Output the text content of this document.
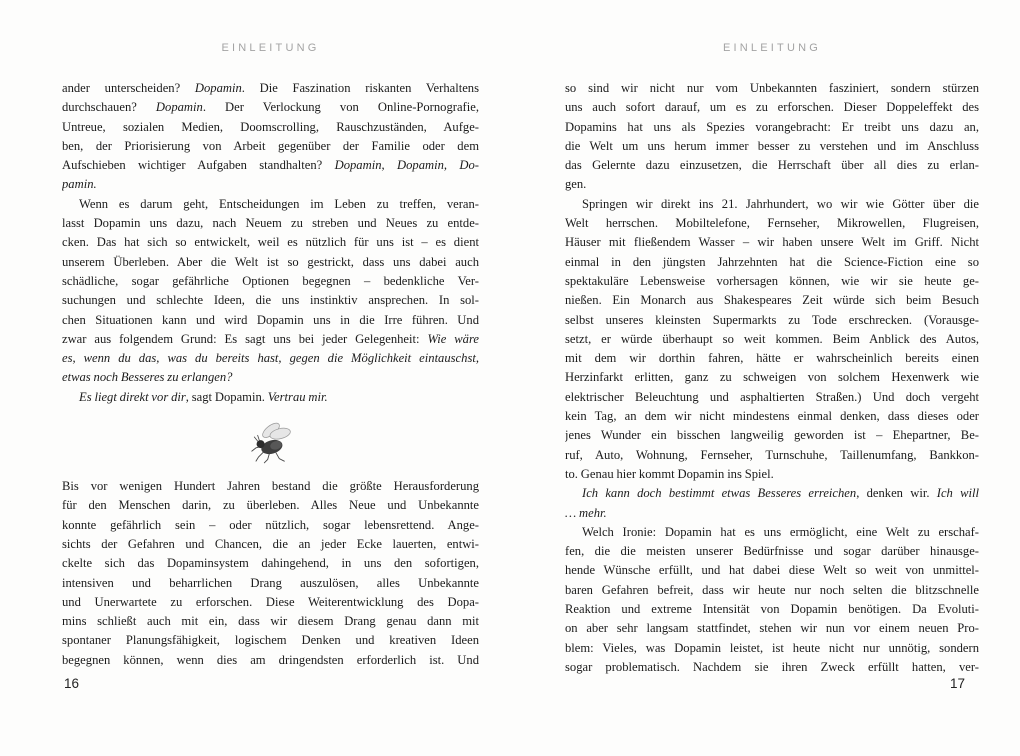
EINLEITUNG
ander unterscheiden? Dopamin. Die Faszination riskanten Verhaltens
durchschauen? Dopamin. Der Verlockung von Online-Pornografie,
Untreue, sozialen Medien, Doomscrolling, Rauschzuständen, Aufge-
ben, der Priorisierung von Arbeit gegenüber der Familie oder dem
Aufschieben wichtiger Aufgaben standhalten? Dopamin, Dopamin, Do-
pamin.
Wenn es darum geht, Entscheidungen im Leben zu treffen, veran-
lasst Dopamin uns dazu, nach Neuem zu streben und Neues zu entde-
cken. Das hat sich so entwickelt, weil es nützlich für uns ist – es dient
unserem Überleben. Aber die Welt ist so gestrickt, dass uns dabei auch
schädliche, sogar gefährliche Optionen begegnen – bedenkliche Ver-
suchungen und schlechte Ideen, die uns instinktiv ansprechen. In sol-
chen Situationen kann und wird Dopamin uns in die Irre führen. Und
zwar aus folgendem Grund: Es sagt uns bei jeder Gelegenheit: Wie wäre
es, wenn du das, was du bereits hast, gegen die Möglichkeit eintauschst,
etwas noch Besseres zu erlangen?
Es liegt direkt vor dir, sagt Dopamin. Vertrau mir.
Bis vor wenigen Hundert Jahren bestand die größte Herausforderung
für den Menschen darin, zu überleben. Alles Neue und Unbekannte
konnte gefährlich sein – oder nützlich, sogar lebensrettend. Ange-
sichts der Gefahren und Chancen, die an jeder Ecke lauerten, entwi-
ckelte sich das Dopaminsystem dahingehend, in uns den sofortigen,
intensiven und beharrlichen Drang auszulösen, alles Unbekannte
und Unerwartete zu erforschen. Diese Weiterentwicklung des Dopa-
mins schließt auch mit ein, dass wir diesem Drang genau dann mit
spontaner Planungsfähigkeit, logischem Denken und kreativen Ideen
begegnen können, wenn dies am dringendsten erforderlich ist. Und
16
EINLEITUNG
so sind wir nicht nur vom Unbekannten fasziniert, sondern stürzen
uns auch sofort darauf, um es zu erforschen. Dieser Doppeleffekt des
Dopamins hat uns als Spezies vorangebracht: Er treibt uns dazu an,
die Welt um uns herum immer besser zu verstehen und im Anschluss
das Gelernte dazu einzusetzen, die Herrschaft über all dies zu erlan-
gen.
Springen wir direkt ins 21. Jahrhundert, wo wir wie Götter über die
Welt herrschen. Mobiltelefone, Fernseher, Mikrowellen, Flugreisen,
Häuser mit fließendem Wasser – wir haben unsere Welt im Griff. Nicht
einmal in den jüngsten Jahrzehnten hat die Science-Fiction eine so
spektakuläre Lebensweise vorhersagen können, wie wir sie heute ge-
nießen. Ein Monarch aus Shakespeares Zeit würde sich beim Besuch
selbst unseres kleinsten Supermarkts zu Tode erschrecken. (Vorausge-
setzt, er würde überhaupt so weit kommen. Beim Anblick des Autos,
mit dem wir dorthin fahren, hätte er wahrscheinlich bereits einen
Herzinfarkt erlitten, ganz zu schweigen von solchem Hexenwerk wie
elektrischer Beleuchtung und asphaltierten Straßen.) Und doch vergeht
kein Tag, an dem wir nicht mindestens einmal denken, dass dieses oder
jenes Wunder ein bisschen langweilig geworden ist – Ehepartner, Be-
ruf, Auto, Wohnung, Fernseher, Turnschuhe, Taillenumfang, Bankkon-
to. Genau hier kommt Dopamin ins Spiel.
Ich kann doch bestimmt etwas Besseres erreichen, denken wir. Ich will
… mehr.
Welch Ironie: Dopamin hat es uns ermöglicht, eine Welt zu erschaf-
fen, die die meisten unserer Bedürfnisse und sogar darüber hinausge-
hende Wünsche erfüllt, und hat dabei diese Welt so weit von unmittel-
baren Gefahren befreit, dass wir heute nur noch selten die blitzschnelle
Reaktion und extreme Intensität von Dopamin benötigen. Da Evoluti-
on aber sehr langsam stattfindet, stehen wir nun vor einem neuen Pro-
blem: Vieles, was Dopamin leistet, ist heute nicht nur unnötig, sondern
sogar problematisch. Nachdem sie ihren Zweck erfüllt hatten, ver-
17
